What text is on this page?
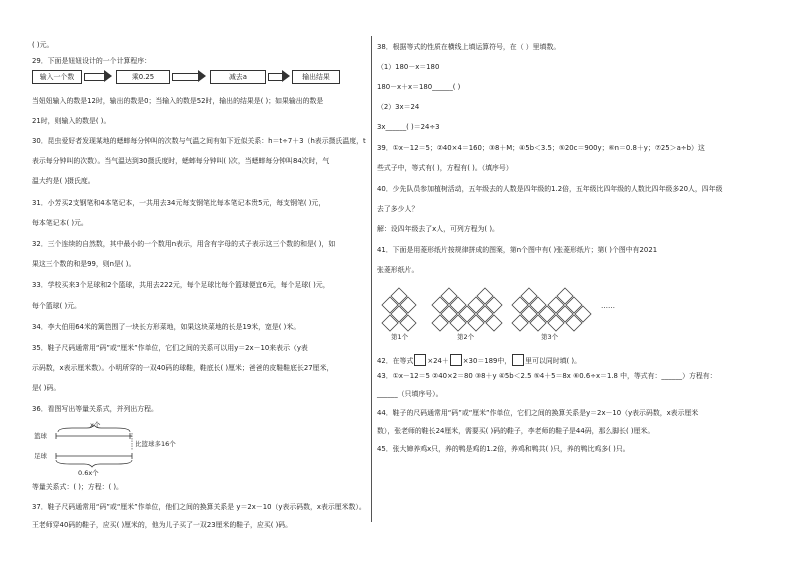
( )元。
29．下面是妞妞设计的一个计算程序：
输入一个数	乘0.25	减去a	输出结果
当妞妞输入的数是12时，输出的数是0；当输入的数是52时，输出的结果是( )；如果输出的数是
21时，则输入的数是( )。
30．昆虫爱好者发现某地的蟋蟀每分钟叫的次数与气温之间有如下近似关系：h＝t÷7＋3（h表示摄氏温度，t
表示每分钟叫的次数）。当气温达到30摄氏度时，蟋蟀每分钟叫( )次，当蟋蟀每分钟叫84次时，气
温大约是( )摄氏度。
31．小芳买2支钢笔和4本笔记本，一共用去34元每支钢笔比每本笔记本贵5元，每支钢笔( )元，
每本笔记本( )元。
32．三个连续的自然数，其中最小的一个数用n表示，用含有字母的式子表示这三个数的和是( )，如
果这三个数的和是99，则n是( )。
33．学校买来3个足球和2个篮球，共用去222元，每个足球比每个篮球便宜6元，每个足球( )元，
每个篮球( )元。
34．李大伯用64米的篱笆围了一块长方形菜地，如果这块菜地的长是19米，宽是( )米。
35．鞋子尺码通常用“码”或“厘米”作单位，它们之间的关系可以用y＝2x－10来表示（y表
示码数，x表示厘米数）。小明所穿的一双40码的球鞋，鞋底长( )厘米；爸爸的皮鞋鞋底长27厘米，
是( )码。
36．看图写出等量关系式，并列出方程。
x个
篮球
比篮球多16个
足球
0.6x个
等量关系式：( )；方程：( )。
37．鞋子尺码通常用“码”或“厘米”作单位，他们之间的换算关系是 y＝2x－10（y表示码数，x表示厘米数）。
王老师穿40码的鞋子，应买( )厘米的，他为儿子买了一双23厘米的鞋子，应买( )码。
38．根据等式的性质在横线上填运算符号，在（ ）里填数。
（1）180－x＝180
180－x＋x＝180______( )
（2）3x＝24
3x______( )＝24÷3
39．①x－12＝5；②40×4＝160；③8＋M；④5b＜3.5；⑤20c＝900y；⑥n＝0.8＋y；⑦25＞a÷b）这
些式子中，等式有( )，方程有( )。（填序号）
40．少先队员参加植树活动，五年级去的人数是四年级的1.2倍，五年级比四年级的人数比四年级多20人，四年级
去了多少人？
解：设四年级去了x人，可列方程为( )。
41．下面是用菱形纸片按规律拼成的图案，第n个图中有( )张菱形纸片；第( )个图中有2021
张菱形纸片。
第1个	第2个	第3个
……
42．在等式 ×24＋ ×30＝189中， 里可以同时填( )。
43．①x－12＝5 ②40×2＝80 ③8＋y ④5b＜2.5 ⑤4＋5＝8x ⑥0.6÷x＝1.8 中，等式有：______）方程有：
______（只填序号）。
44．鞋子的尺码通常用“码”或“厘米”作单位，它们之间的换算关系是y＝2x－10（y表示码数，x表示厘米
数），张老师的鞋长24厘米，需要买( )码的鞋子，李老师的鞋子是44码，那么脚长( )厘米。
45．张大婶养鸡x只，养的鸭是鸡的1.2倍，养鸡和鸭共( )只，养的鸭比鸡多( )只。
